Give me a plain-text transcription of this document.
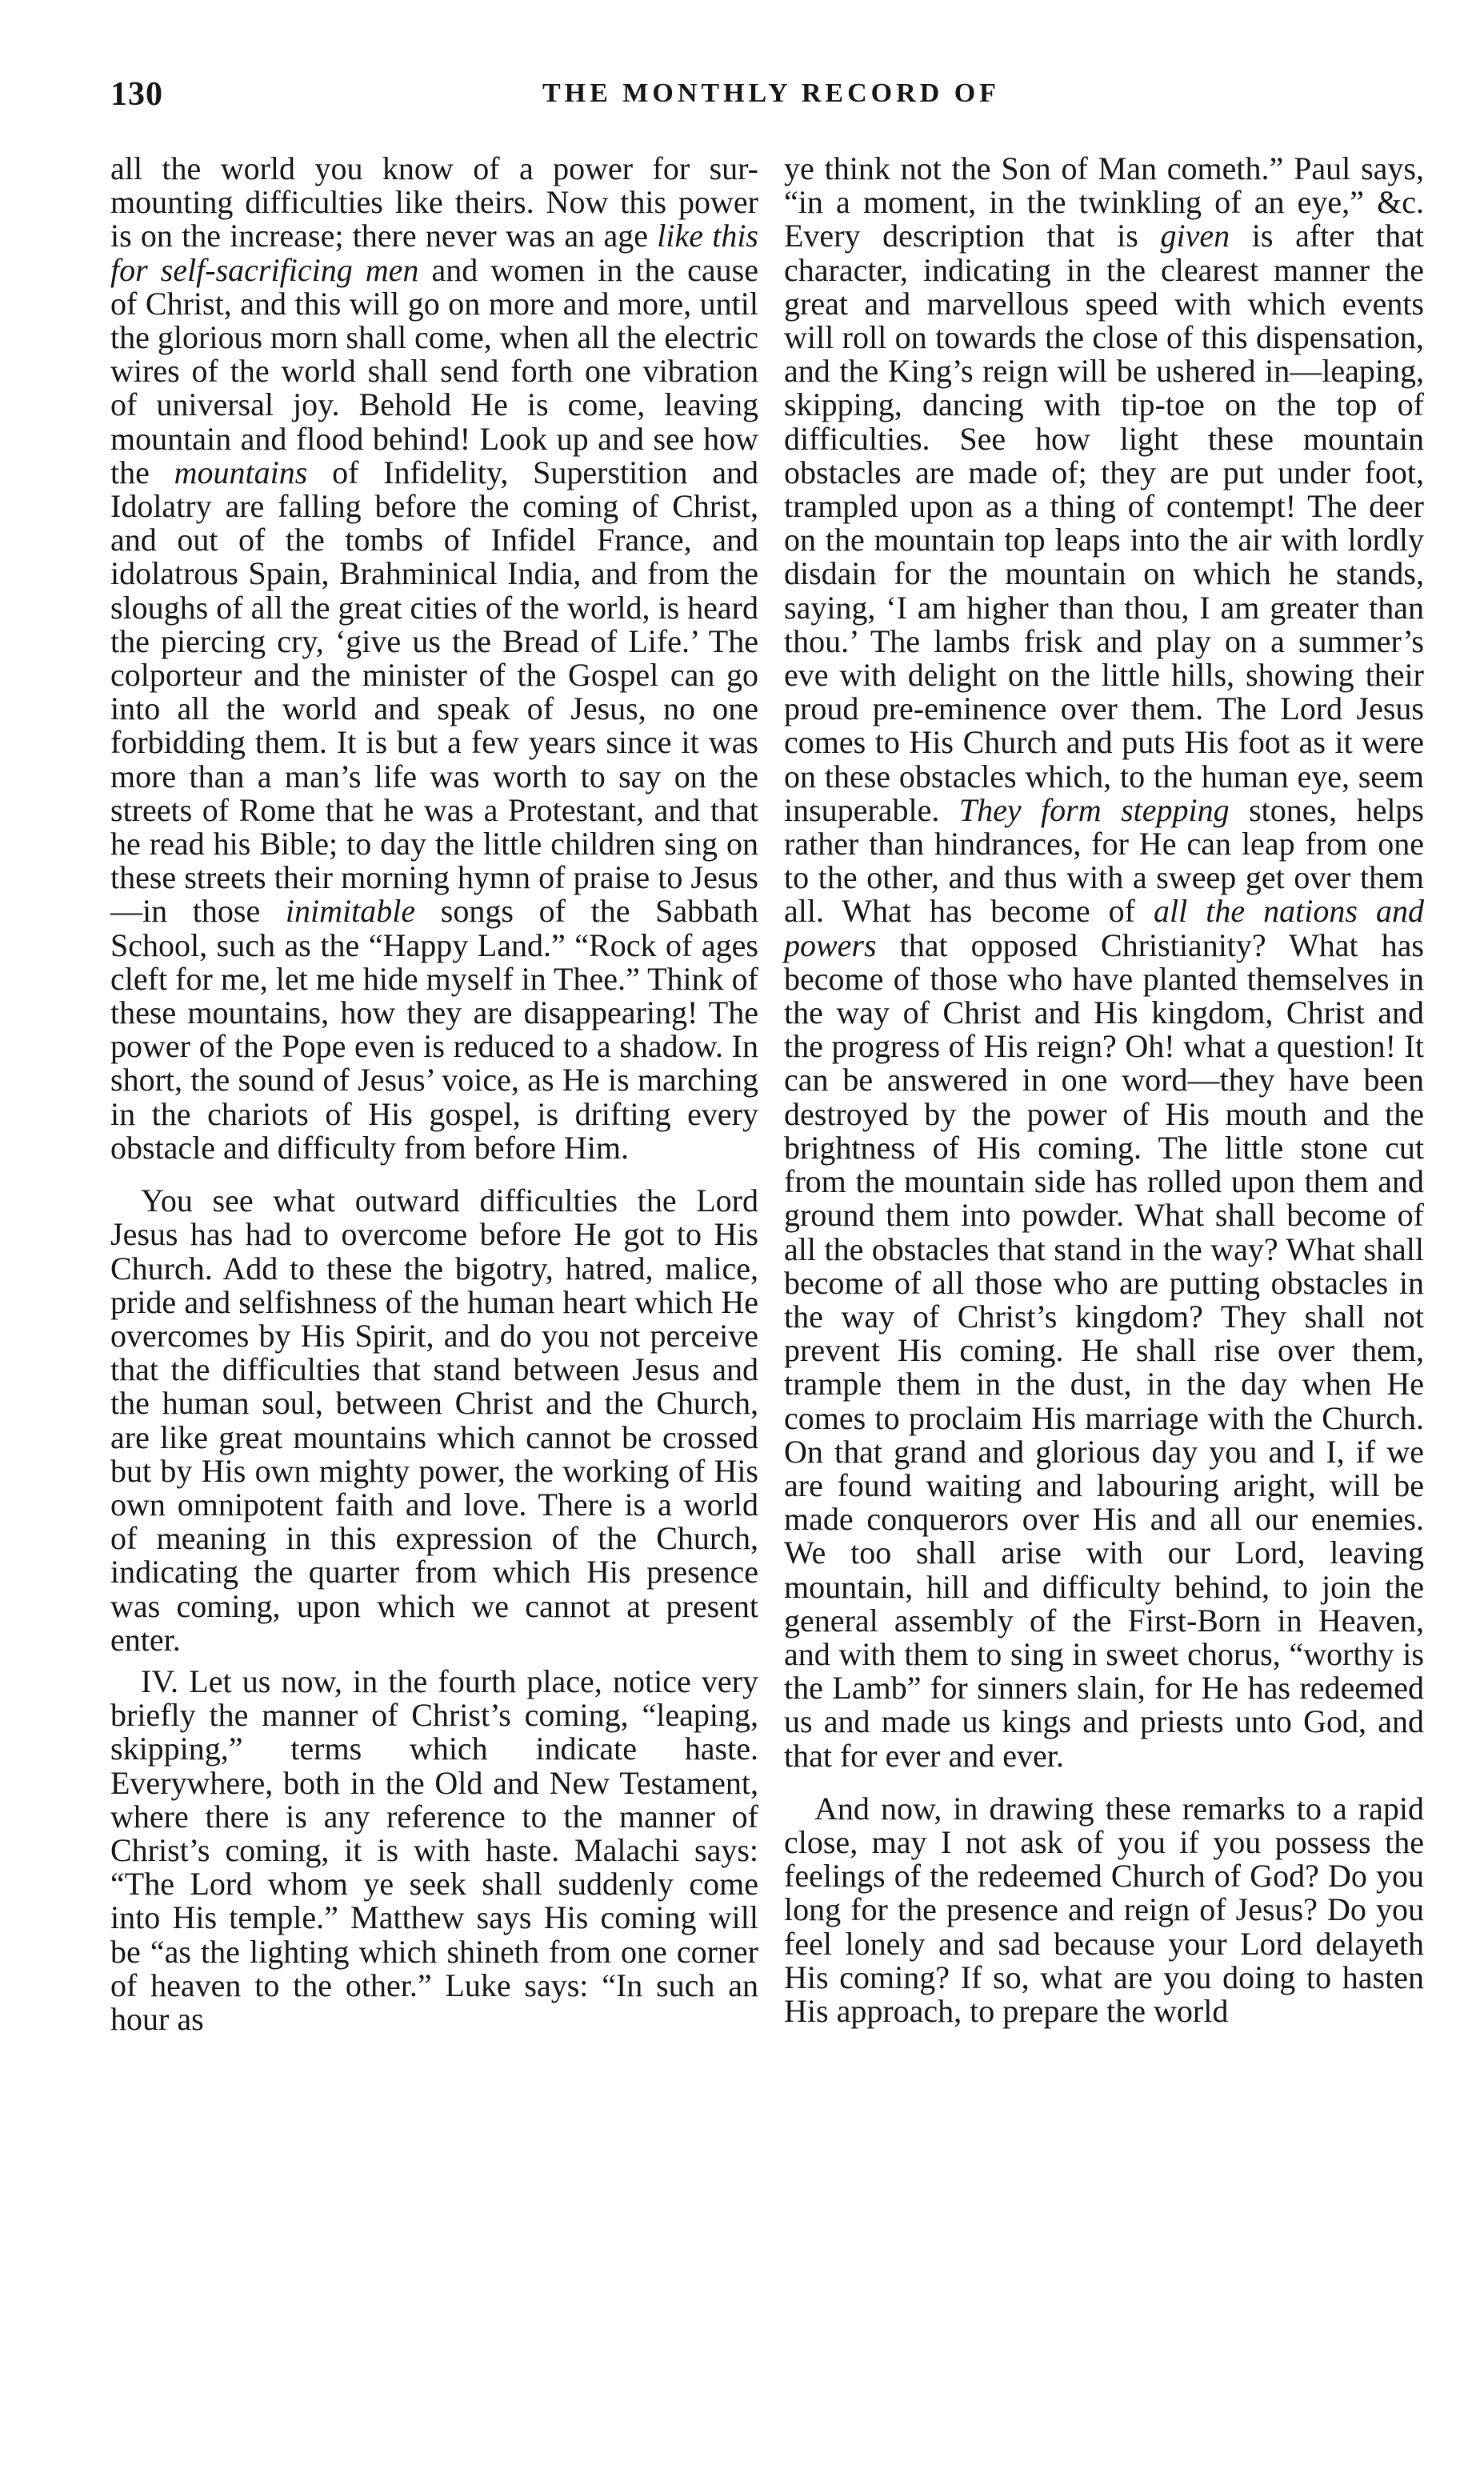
130	THE MONTHLY RECORD OF

all the world you know of a power for sur-mounting difficulties like theirs. Now this power is on the increase; there never was an age like this for self-sacrificing men and women in the cause of Christ, and this will go on more and more, until the glorious morn shall come, when all the electric wires of the world shall send forth one vibration of universal joy. Behold He is come, leaving mountain and flood behind! Look up and see how the mountains of Infidelity, Superstition and Idolatry are falling before the coming of Christ, and out of the tombs of Infidel France, and idolatrous Spain, Brahminical India, and from the sloughs of all the great cities of the world, is heard the piercing cry, ‘give us the Bread of Life.’ The colporteur and the minister of the Gospel can go into all the world and speak of Jesus, no one forbidding them. It is but a few years since it was more than a man’s life was worth to say on the streets of Rome that he was a Protestant, and that he read his Bible; to day the little children sing on these streets their morning hymn of praise to Jesus—in those inimitable songs of the Sabbath School, such as the “Happy Land.” “Rock of ages cleft for me, let me hide myself in Thee.” Think of these mountains, how they are disappearing! The power of the Pope even is reduced to a shadow. In short, the sound of Jesus’ voice, as He is marching in the chariots of His gospel, is drifting every obstacle and difficulty from before Him.

You see what outward difficulties the Lord Jesus has had to overcome before He got to His Church. Add to these the bigotry, hatred, malice, pride and selfishness of the human heart which He overcomes by His Spirit, and do you not perceive that the difficulties that stand between Jesus and the human soul, between Christ and the Church, are like great mountains which cannot be crossed but by His own mighty power, the working of His own omnipotent faith and love. There is a world of meaning in this expression of the Church, indicating the quarter from which His presence was coming, upon which we cannot at present enter.

IV. Let us now, in the fourth place, notice very briefly the manner of Christ’s coming, “leaping, skipping,” terms which indicate haste. Everywhere, both in the Old and New Testament, where there is any reference to the manner of Christ’s coming, it is with haste. Malachi says: “The Lord whom ye seek shall suddenly come into His temple.” Matthew says His coming will be “as the lighting which shineth from one corner of heaven to the other.” Luke says: “In such an hour as

ye think not the Son of Man cometh.” Paul says, “in a moment, in the twinkling of an eye,” &c. Every description that is given is after that character, indicating in the clearest manner the great and marvellous speed with which events will roll on towards the close of this dispensation, and the King’s reign will be ushered in—leaping, skipping, dancing with tip-toe on the top of difficulties. See how light these mountain obstacles are made of; they are put under foot, trampled upon as a thing of contempt! The deer on the mountain top leaps into the air with lordly disdain for the mountain on which he stands, saying, ‘I am higher than thou, I am greater than thou.’ The lambs frisk and play on a summer’s eve with delight on the little hills, showing their proud pre-eminence over them. The Lord Jesus comes to His Church and puts His foot as it were on these obstacles which, to the human eye, seem insuperable. They form stepping stones, helps rather than hindrances, for He can leap from one to the other, and thus with a sweep get over them all. What has become of all the nations and powers that opposed Christianity? What has become of those who have planted themselves in the way of Christ and His kingdom, Christ and the progress of His reign? Oh! what a question! It can be answered in one word—they have been destroyed by the power of His mouth and the brightness of His coming. The little stone cut from the mountain side has rolled upon them and ground them into powder. What shall become of all the obstacles that stand in the way? What shall become of all those who are putting obstacles in the way of Christ’s kingdom? They shall not prevent His coming. He shall rise over them, trample them in the dust, in the day when He comes to proclaim His marriage with the Church. On that grand and glorious day you and I, if we are found waiting and labouring aright, will be made conquerors over His and all our enemies. We too shall arise with our Lord, leaving mountain, hill and difficulty behind, to join the general assembly of the First-Born in Heaven, and with them to sing in sweet chorus, “worthy is the Lamb” for sinners slain, for He has redeemed us and made us kings and priests unto God, and that for ever and ever.

And now, in drawing these remarks to a rapid close, may I not ask of you if you possess the feelings of the redeemed Church of God? Do you long for the presence and reign of Jesus? Do you feel lonely and sad because your Lord delayeth His coming? If so, what are you doing to hasten His approach, to prepare the world
